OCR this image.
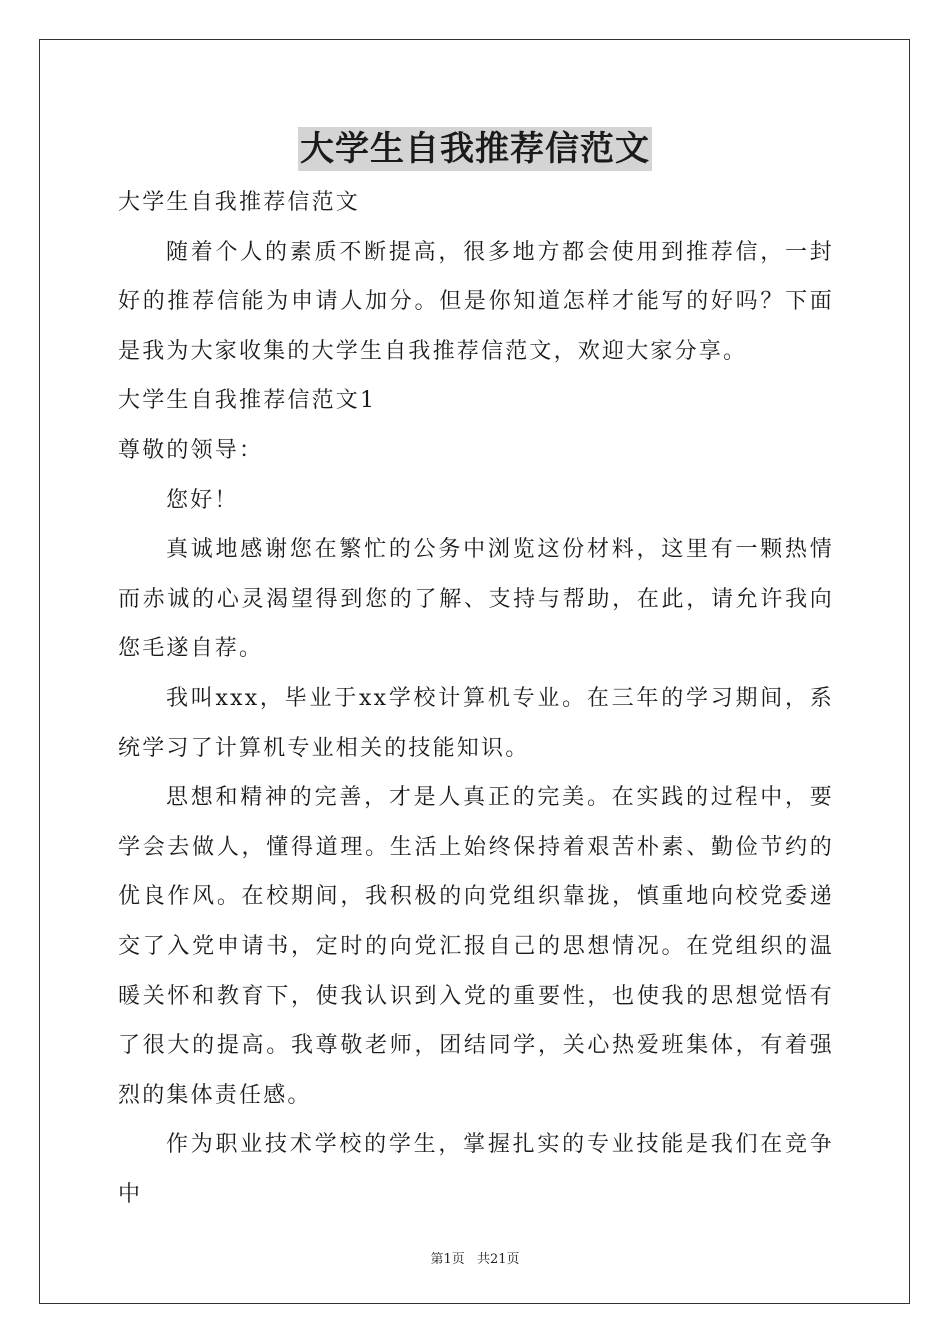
大学生自我推荐信范文

大学生自我推荐信范文

随着个人的素质不断提高，很多地方都会使用到推荐信，一封好的推荐信能为申请人加分。但是你知道怎样才能写的好吗？下面是我为大家收集的大学生自我推荐信范文，欢迎大家分享。

大学生自我推荐信范文1

尊敬的领导：

您好！

真诚地感谢您在繁忙的公务中浏览这份材料，这里有一颗热情而赤诚的心灵渴望得到您的了解、支持与帮助，在此，请允许我向您毛遂自荐。

我叫xxx，毕业于xx学校计算机专业。在三年的学习期间，系统学习了计算机专业相关的技能知识。

思想和精神的完善，才是人真正的完美。在实践的过程中，要学会去做人，懂得道理。生活上始终保持着艰苦朴素、勤俭节约的优良作风。在校期间，我积极的向党组织靠拢，慎重地向校党委递交了入党申请书，定时的向党汇报自己的思想情况。在党组织的温暖关怀和教育下，使我认识到入党的重要性，也使我的思想觉悟有了很大的提高。我尊敬老师，团结同学，关心热爱班集体，有着强烈的集体责任感。

作为职业技术学校的学生，掌握扎实的专业技能是我们在竞争中

第1页 共21页
